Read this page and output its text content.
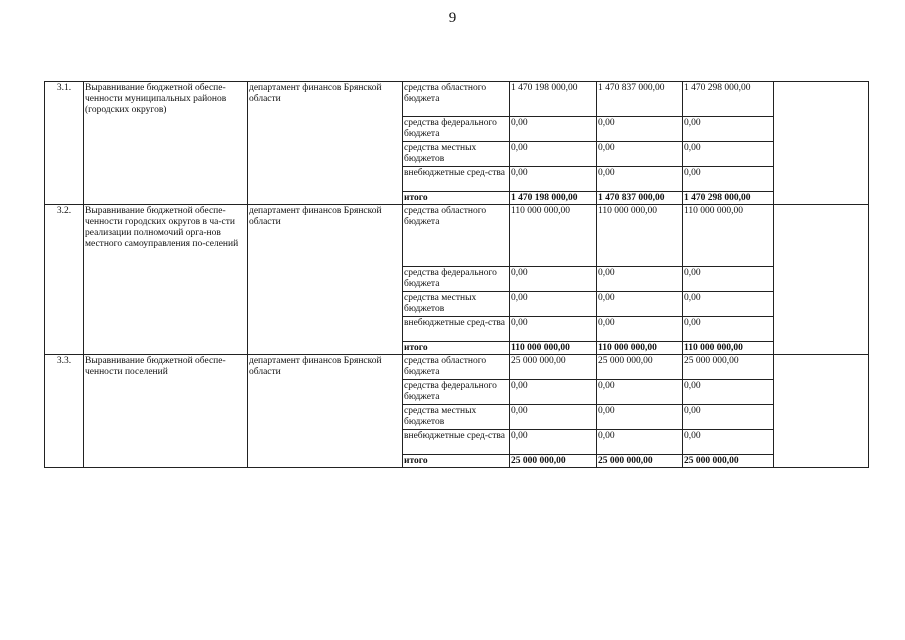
9
3.1.	Выравнивание бюджетной обеспе-ченности муниципальных районов (городских округов)	департамент финансов Брянской области	средства областного бюджета	1 470 198 000,00	1 470 837 000,00	1 470 298 000,00	
			средства федерального бюджета	0,00	0,00	0,00	
			средства местных бюджетов	0,00	0,00	0,00	
			внебюджетные сред-ства	0,00	0,00	0,00	
			итого	1 470 198 000,00	1 470 837 000,00	1 470 298 000,00	
3.2.	Выравнивание бюджетной обеспе-ченности городских округов в ча-сти реализации полномочий орга-нов местного самоуправления по-селений	департамент финансов Брянской области	средства областного бюджета	110 000 000,00	110 000 000,00	110 000 000,00	
			средства федерального бюджета	0,00	0,00	0,00	
			средства местных бюджетов	0,00	0,00	0,00	
			внебюджетные сред-ства	0,00	0,00	0,00	
			итого	110 000 000,00	110 000 000,00	110 000 000,00	
3.3.	Выравнивание бюджетной обеспе-ченности поселений	департамент финансов Брянской области	средства областного бюджета	25 000 000,00	25 000 000,00	25 000 000,00	
			средства федерального бюджета	0,00	0,00	0,00	
			средства местных бюджетов	0,00	0,00	0,00	
			внебюджетные сред-ства	0,00	0,00	0,00	
			итого	25 000 000,00	25 000 000,00	25 000 000,00	
